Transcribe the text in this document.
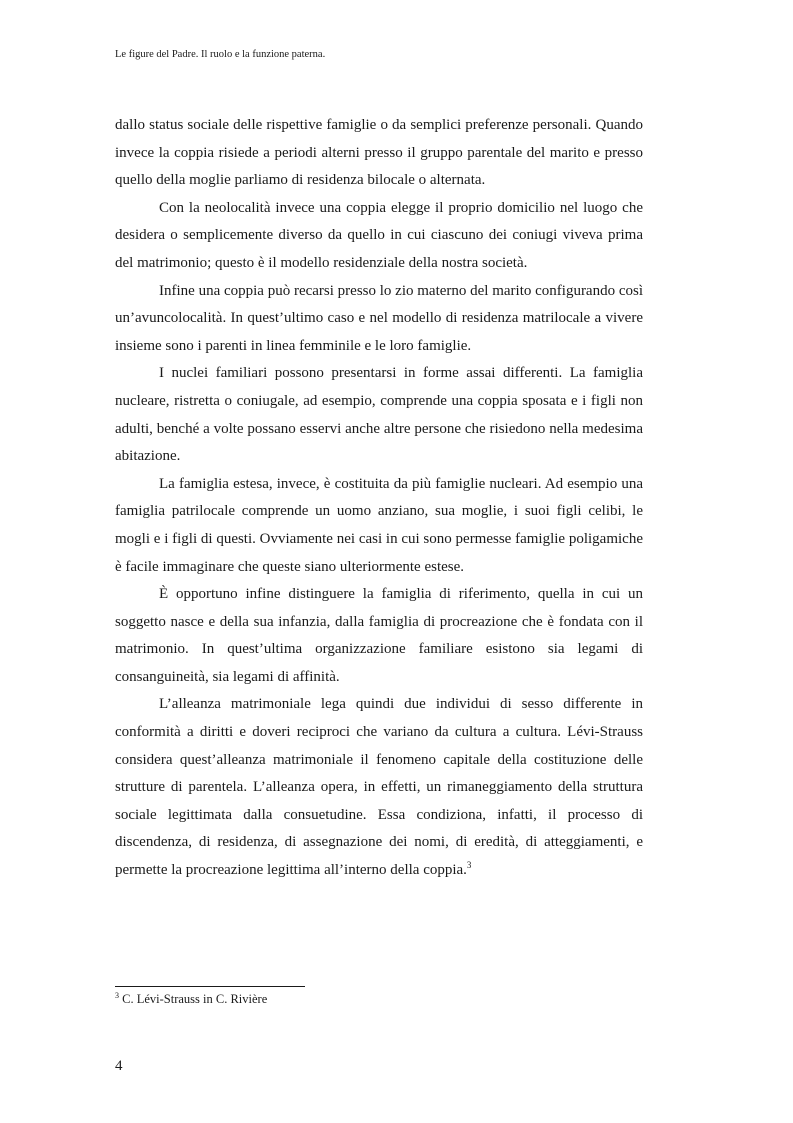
Le figure del Padre. Il ruolo e la funzione paterna.

dallo status sociale delle rispettive famiglie o da semplici preferenze personali. Quando invece la coppia risiede a periodi alterni presso il gruppo parentale del marito e presso quello della moglie parliamo di residenza bilocale o alternata.

Con la neolocalità invece una coppia elegge il proprio domicilio nel luogo che desidera o semplicemente diverso da quello in cui ciascuno dei coniugi viveva prima del matrimonio; questo è il modello residenziale della nostra società.

Infine una coppia può recarsi presso lo zio materno del marito configurando così un’avuncolocalità. In quest’ultimo caso e nel modello di residenza matrilocale a vivere insieme sono i parenti in linea femminile e le loro famiglie.

I nuclei familiari possono presentarsi in forme assai differenti. La famiglia nucleare, ristretta o coniugale, ad esempio, comprende una coppia sposata e i figli non adulti, benché a volte possano esservi anche altre persone che risiedono nella medesima abitazione.

La famiglia estesa, invece, è costituita da più famiglie nucleari. Ad esempio una famiglia patrilocale comprende un uomo anziano, sua moglie, i suoi figli celibi, le mogli e i figli di questi. Ovviamente nei casi in cui sono permesse famiglie poligamiche è facile immaginare che queste siano ulteriormente estese.

È opportuno infine distinguere la famiglia di riferimento, quella in cui un soggetto nasce e della sua infanzia, dalla famiglia di procreazione che è fondata con il matrimonio. In quest’ultima organizzazione familiare esistono sia legami di consanguineità, sia legami di affinità.

L’alleanza matrimoniale lega quindi due individui di sesso differente in conformità a diritti e doveri reciproci che variano da cultura a cultura. Lévi-Strauss considera quest’alleanza matrimoniale il fenomeno capitale della costituzione delle strutture di parentela. L’alleanza opera, in effetti, un rimaneggiamento della struttura sociale legittimata dalla consuetudine. Essa condiziona, infatti, il processo di discendenza, di residenza, di assegnazione dei nomi, di eredità, di atteggiamenti, e permette la procreazione legittima all’interno della coppia.$^3$

$^3$ C. Lévi-Strauss in C. Rivière
4
